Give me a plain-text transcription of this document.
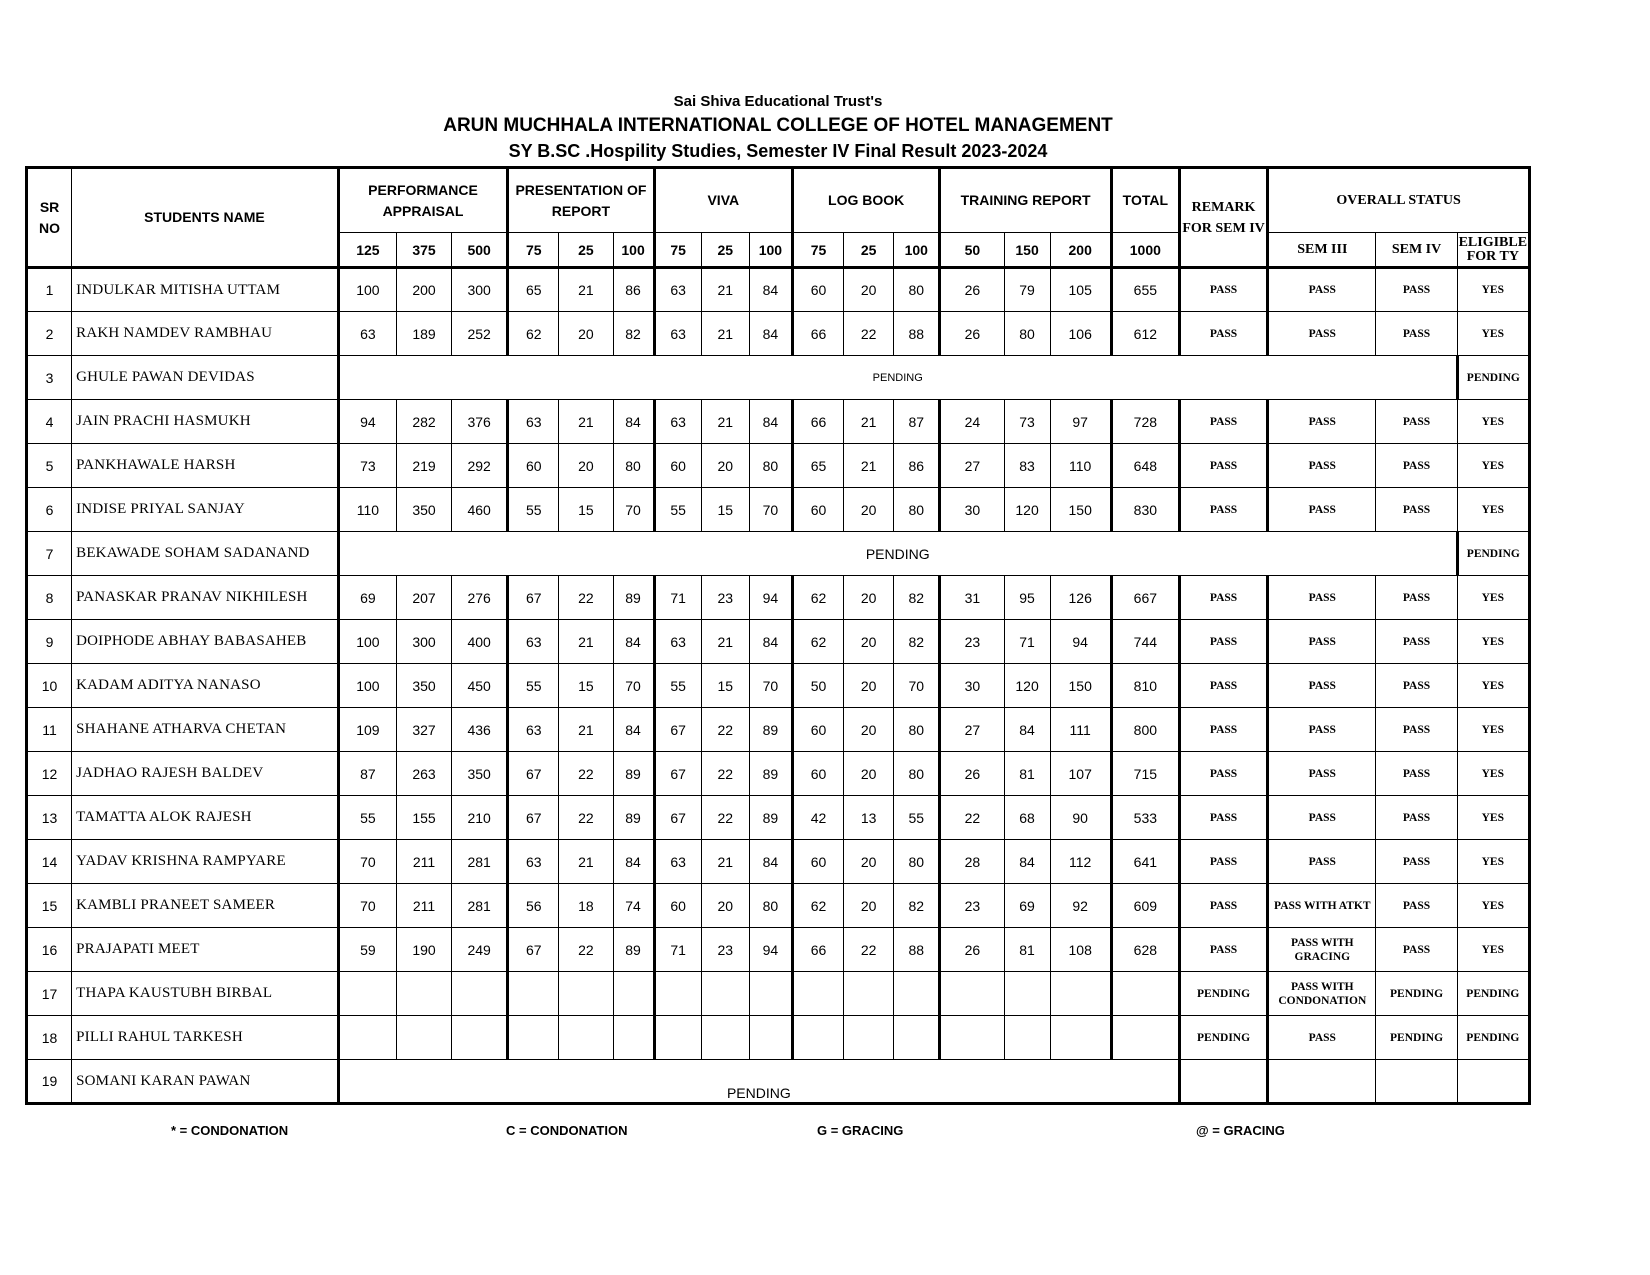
Sai Shiva Educational Trust's
ARUN MUCHHALA INTERNATIONAL COLLEGE OF HOTEL MANAGEMENT
SY B.SC .Hospility Studies, Semester IV Final Result 2023-2024
SR NO	STUDENTS NAME	PERFORMANCE APPRAISAL			PRESENTATION OF REPORT			VIVA			LOG BOOK			TRAINING REPORT			TOTAL	REMARK FOR SEM IV	OVERALL STATUS		
		125	375	500	75	25	100	75	25	100	75	25	100	50	150	200	1000		SEM III	SEM IV	ELIGIBLE FOR TY
1	INDULKAR MITISHA UTTAM	100	200	300	65	21	86	63	21	84	60	20	80	26	79	105	655	PASS	PASS	PASS	YES
2	RAKH NAMDEV RAMBHAU	63	189	252	62	20	82	63	21	84	66	22	88	26	80	106	612	PASS	PASS	PASS	YES
3	GHULE PAWAN DEVIDAS	PENDING																			PENDING
4	JAIN PRACHI HASMUKH	94	282	376	63	21	84	63	21	84	66	21	87	24	73	97	728	PASS	PASS	PASS	YES
5	PANKHAWALE HARSH	73	219	292	60	20	80	60	20	80	65	21	86	27	83	110	648	PASS	PASS	PASS	YES
6	INDISE PRIYAL SANJAY	110	350	460	55	15	70	55	15	70	60	20	80	30	120	150	830	PASS	PASS	PASS	YES
7	BEKAWADE SOHAM SADANAND	PENDING																			PENDING
8	PANASKAR PRANAV NIKHILESH	69	207	276	67	22	89	71	23	94	62	20	82	31	95	126	667	PASS	PASS	PASS	YES
9	DOIPHODE ABHAY BABASAHEB	100	300	400	63	21	84	63	21	84	62	20	82	23	71	94	744	PASS	PASS	PASS	YES
10	KADAM ADITYA NANASO	100	350	450	55	15	70	55	15	70	50	20	70	30	120	150	810	PASS	PASS	PASS	YES
11	SHAHANE ATHARVA CHETAN	109	327	436	63	21	84	67	22	89	60	20	80	27	84	111	800	PASS	PASS	PASS	YES
12	JADHAO RAJESH BALDEV	87	263	350	67	22	89	67	22	89	60	20	80	26	81	107	715	PASS	PASS	PASS	YES
13	TAMATTA ALOK RAJESH	55	155	210	67	22	89	67	22	89	42	13	55	22	68	90	533	PASS	PASS	PASS	YES
14	YADAV KRISHNA RAMPYARE	70	211	281	63	21	84	63	21	84	60	20	80	28	84	112	641	PASS	PASS	PASS	YES
15	KAMBLI PRANEET SAMEER	70	211	281	56	18	74	60	20	80	62	20	82	23	69	92	609	PASS	PASS WITH ATKT	PASS	YES
16	PRAJAPATI MEET	59	190	249	67	22	89	71	23	94	66	22	88	26	81	108	628	PASS	PASS WITH GRACING	PASS	YES
17	THAPA KAUSTUBH BIRBAL																	PENDING	PASS WITH CONDONATION	PENDING	PENDING
18	PILLI RAHUL TARKESH																	PENDING	PASS	PENDING	PENDING
19	SOMANI KARAN PAWAN	PENDING																			
* = CONDONATION	C = CONDONATION	G = GRACING	@ = GRACING
